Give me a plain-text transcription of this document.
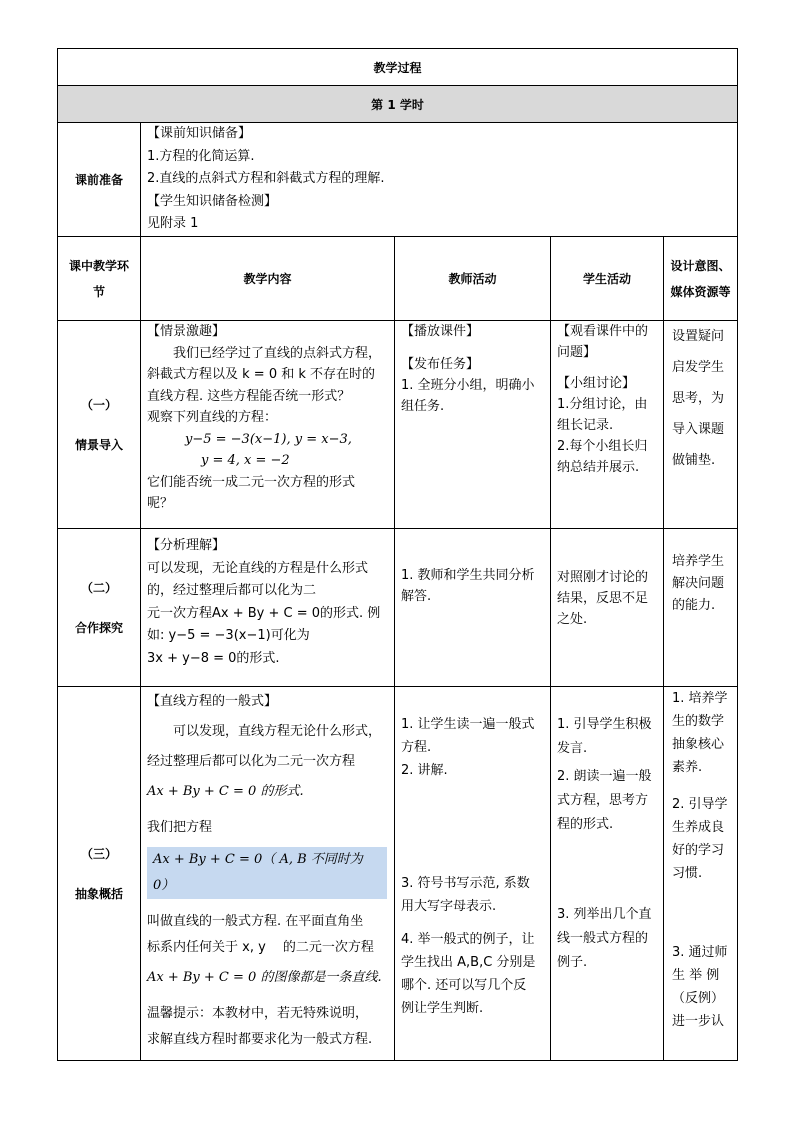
教学过程
第 1 学时
课前准备

【课前知识储备】

1.方程的化简运算.

2.直线的点斜式方程和斜截式方程的理解.

【学生知识储备检测】

见附录 1

课中教学环节
教学内容	教师活动	学生活动
设计意图、媒体资源等
（一）
情景导入

【情景激趣】

　　我们已经学过了直线的点斜式方程，

斜截式方程以及 k = 0 和 k 不存在时的

直线方程. 这些方程能否统一形式？

观察下列直线的方程：

y−5 = −3(x−1), y = x−3,

y = 4, x = −2

它们能否统一成二元一次方程的形式

呢？

【播放课件】

【发布任务】

1. 全班分小组，明确小

组任务.

【观看课件中的

问题】

【小组讨论】

1.分组讨论，由

组长记录.

2.每个小组长归

纳总结并展示.

设置疑问

启发学生

思考，为

导入课题

做铺垫.

（二）
合作探究

【分析理解】

可以发现，无论直线的方程是什么形式

的，经过整理后都可以化为二

元一次方程Ax + By + C = 0的形式. 例

如: y−5 = −3(x−1)可化为

3x + y−8 = 0的形式.

1. 教师和学生共同分析

解答.

对照刚才讨论的

结果，反思不足

之处.

培养学生

解决问题

的能力.

（三）
抽象概括

【直线方程的一般式】

　　可以发现，直线方程无论什么形式，

经过整理后都可以化为二元一次方程

Ax + By + C = 0 的形式.

我们把方程

Ax + By + C = 0（ A, B 不同时为 0）

叫做直线的一般式方程. 在平面直角坐

标系内任何关于 x, y 　的二元一次方程

Ax + By + C = 0 的图像都是一条直线.

温馨提示：本教材中，若无特殊说明，

求解直线方程时都要求化为一般式方程.

1. 让学生读一遍一般式

方程.

2. 讲解.

3. 符号书写示范, 系数

用大写字母表示.

4. 举一般式的例子，让

学生找出 A,B,C 分别是

哪个. 还可以写几个反

例让学生判断.

1. 引导学生积极

发言.

2. 朗读一遍一般

式方程，思考方

程的形式.

3. 列举出几个直

线一般式方程的

例子.

1. 培养学

生的数学

抽象核心

素养.

2. 引导学

生养成良

好的学习

习惯.

3. 通过师

生 举 例

（反例）

进一步认
